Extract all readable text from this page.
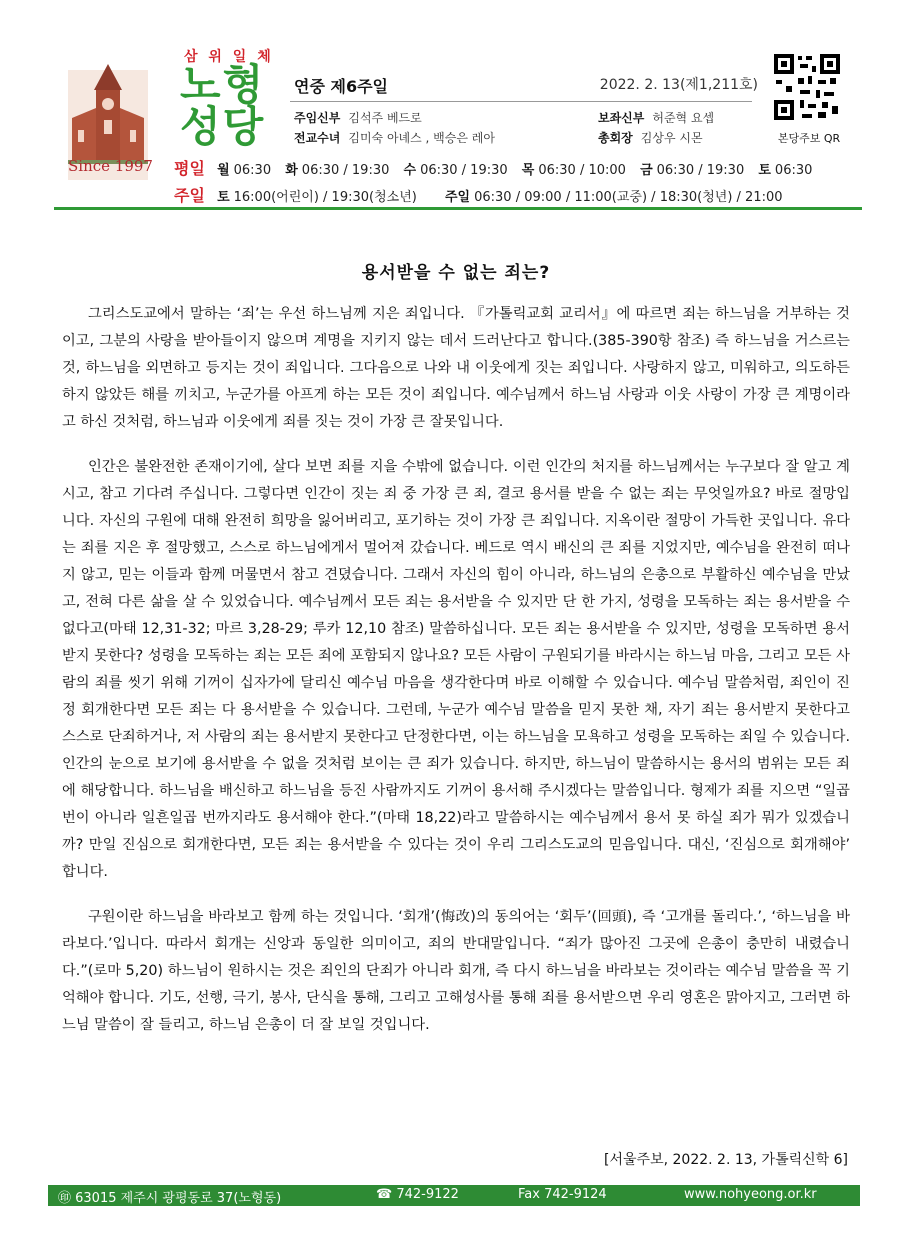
Since 1997
삼 위 일 체
노형
성당
연중 제6주일	2022. 2. 13(제1,211호)
주임신부 김석주 베드로	보좌신부 허준혁 요셉
전교수녀 김미숙 아녜스 , 백승은 레아	총회장 김상우 시몬	본당주보 QR
평일 월 06:30 화 06:30 / 19:30 수 06:30 / 19:30 목 06:30 / 10:00 금 06:30 / 19:30 토 06:30
주일 토 16:00(어린이) / 19:30(청소년) 주일 06:30 / 09:00 / 11:00(교중) / 18:30(청년) / 21:00
용서받을 수 없는 죄는?

그리스도교에서 말하는 ‘죄’는 우선 하느님께 지은 죄입니다. 『가톨릭교회 교리서』에 따르면 죄는 하느님을 거부하는 것이고, 그분의 사랑을 받아들이지 않으며 계명을 지키지 않는 데서 드러난다고 합니다.(385-390항 참조) 즉 하느님을 거스르는 것, 하느님을 외면하고 등지는 것이 죄입니다. 그다음으로 나와 내 이웃에게 짓는 죄입니다. 사랑하지 않고, 미워하고, 의도하든 하지 않았든 해를 끼치고, 누군가를 아프게 하는 모든 것이 죄입니다. 예수님께서 하느님 사랑과 이웃 사랑이 가장 큰 계명이라고 하신 것처럼, 하느님과 이웃에게 죄를 짓는 것이 가장 큰 잘못입니다.

인간은 불완전한 존재이기에, 살다 보면 죄를 지을 수밖에 없습니다. 이런 인간의 처지를 하느님께서는 누구보다 잘 알고 계시고, 참고 기다려 주십니다. 그렇다면 인간이 짓는 죄 중 가장 큰 죄, 결코 용서를 받을 수 없는 죄는 무엇일까요? 바로 절망입니다. 자신의 구원에 대해 완전히 희망을 잃어버리고, 포기하는 것이 가장 큰 죄입니다. 지옥이란 절망이 가득한 곳입니다. 유다는 죄를 지은 후 절망했고, 스스로 하느님에게서 멀어져 갔습니다. 베드로 역시 배신의 큰 죄를 지었지만, 예수님을 완전히 떠나지 않고, 믿는 이들과 함께 머물면서 참고 견뎠습니다. 그래서 자신의 힘이 아니라, 하느님의 은총으로 부활하신 예수님을 만났고, 전혀 다른 삶을 살 수 있었습니다. 예수님께서 모든 죄는 용서받을 수 있지만 단 한 가지, 성령을 모독하는 죄는 용서받을 수 없다고(마태 12,31-32; 마르 3,28-29; 루카 12,10 참조) 말씀하십니다. 모든 죄는 용서받을 수 있지만, 성령을 모독하면 용서받지 못한다? 성령을 모독하는 죄는 모든 죄에 포함되지 않나요? 모든 사람이 구원되기를 바라시는 하느님 마음, 그리고 모든 사람의 죄를 씻기 위해 기꺼이 십자가에 달리신 예수님 마음을 생각한다며 바로 이해할 수 있습니다. 예수님 말씀처럼, 죄인이 진정 회개한다면 모든 죄는 다 용서받을 수 있습니다. 그런데, 누군가 예수님 말씀을 믿지 못한 채, 자기 죄는 용서받지 못한다고 스스로 단죄하거나, 저 사람의 죄는 용서받지 못한다고 단정한다면, 이는 하느님을 모욕하고 성령을 모독하는 죄일 수 있습니다. 인간의 눈으로 보기에 용서받을 수 없을 것처럼 보이는 큰 죄가 있습니다. 하지만, 하느님이 말씀하시는 용서의 범위는 모든 죄에 해당합니다. 하느님을 배신하고 하느님을 등진 사람까지도 기꺼이 용서해 주시겠다는 말씀입니다. 형제가 죄를 지으면 “일곱 번이 아니라 일흔일곱 번까지라도 용서해야 한다.”(마태 18,22)라고 말씀하시는 예수님께서 용서 못 하실 죄가 뭐가 있겠습니까? 만일 진심으로 회개한다면, 모든 죄는 용서받을 수 있다는 것이 우리 그리스도교의 믿음입니다. 대신, ‘진심으로 회개해야’ 합니다.

구원이란 하느님을 바라보고 함께 하는 것입니다. ‘회개’(悔改)의 동의어는 ‘회두’(回頭), 즉 ‘고개를 돌리다.’, ‘하느님을 바라보다.’입니다. 따라서 회개는 신앙과 동일한 의미이고, 죄의 반대말입니다. “죄가 많아진 그곳에 은총이 충만히 내렸습니다.”(로마 5,20) 하느님이 원하시는 것은 죄인의 단죄가 아니라 회개, 즉 다시 하느님을 바라보는 것이라는 예수님 말씀을 꼭 기억해야 합니다. 기도, 선행, 극기, 봉사, 단식을 통해, 그리고 고해성사를 통해 죄를 용서받으면 우리 영혼은 맑아지고, 그러면 하느님 말씀이 잘 들리고, 하느님 은총이 더 잘 보일 것입니다.

[서울주보, 2022. 2. 13, 가톨릭신학 6]
㊞ 63015 제주시 광평동로 37(노형동)	☎ 742-9122	Fax 742-9124	www.nohyeong.or.kr
